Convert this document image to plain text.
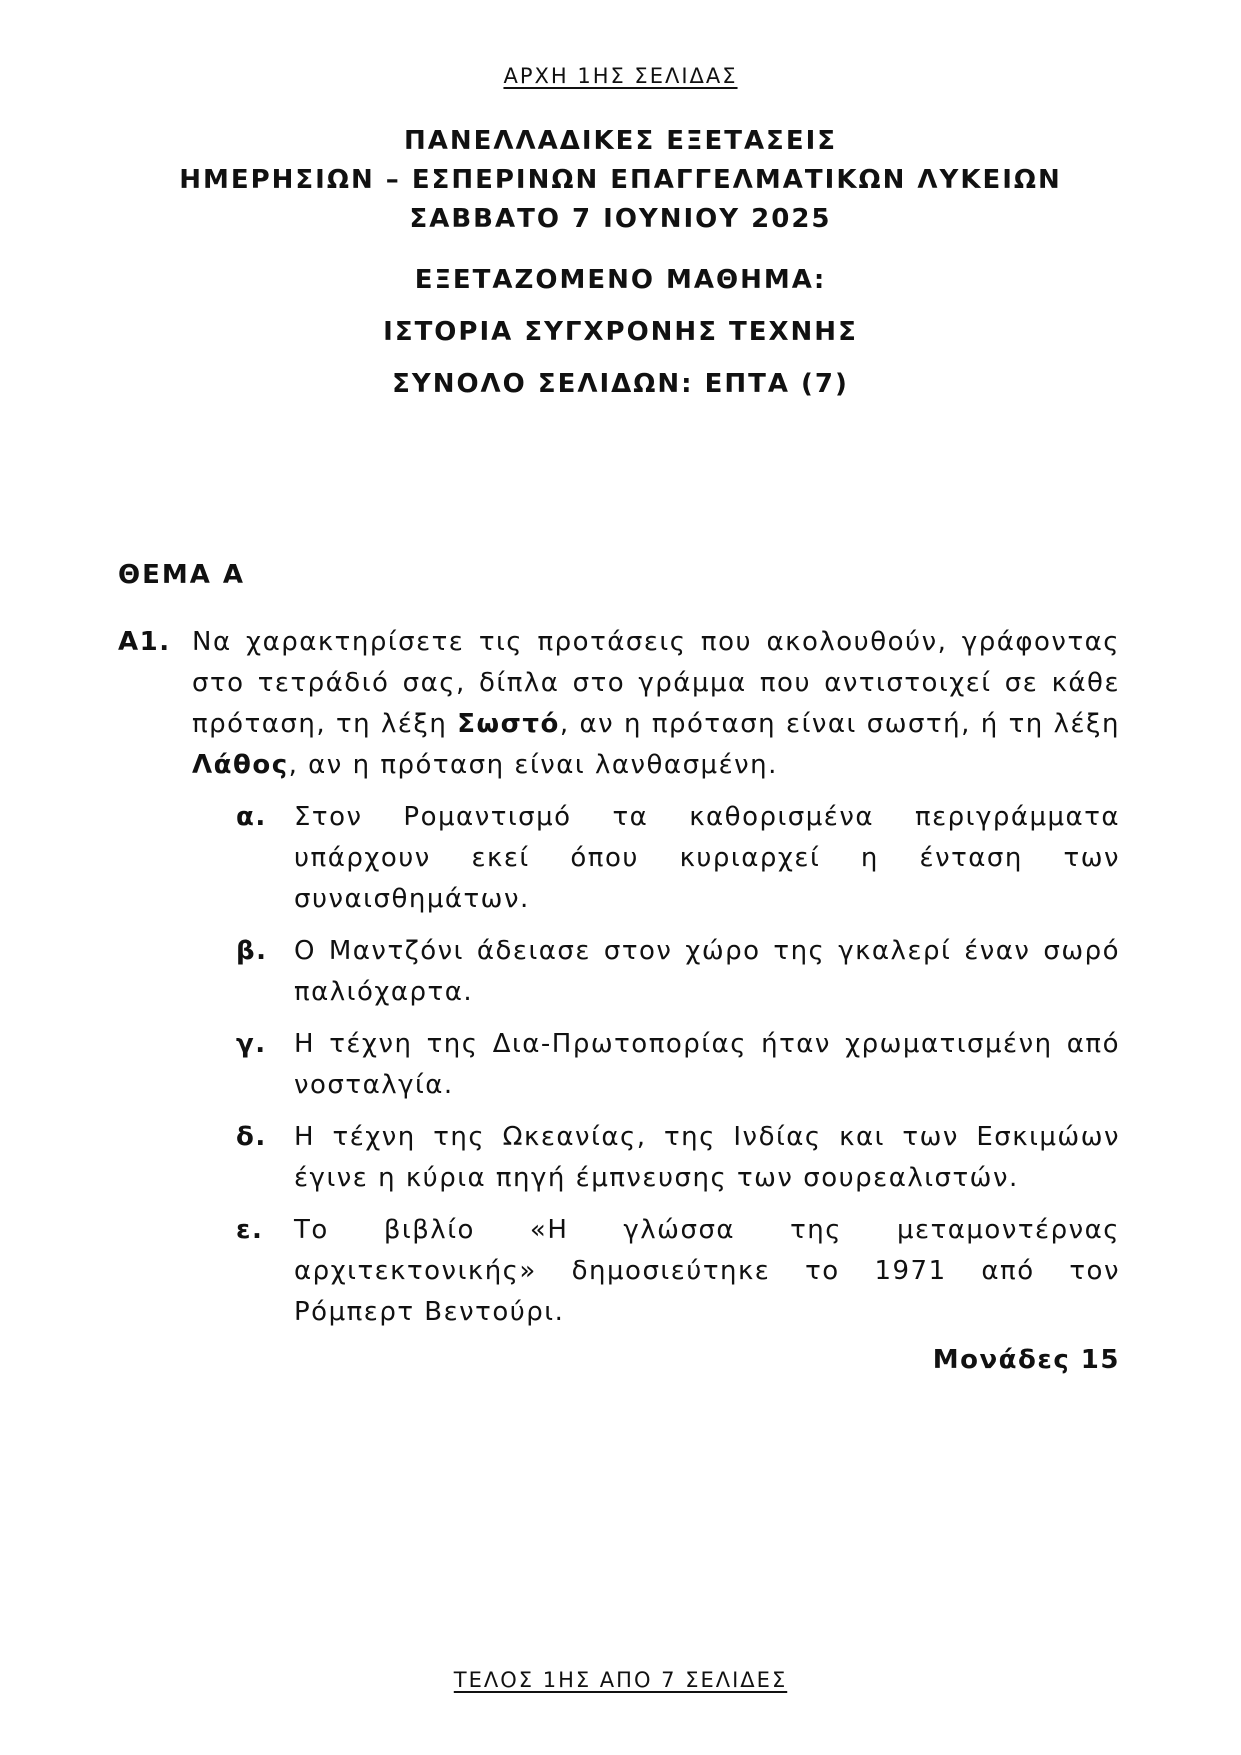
ΑΡΧΗ 1ΗΣ ΣΕΛΙΔΑΣ
ΠΑΝΕΛΛΑΔΙΚΕΣ ΕΞΕΤΑΣΕΙΣ
ΗΜΕΡΗΣΙΩΝ – ΕΣΠΕΡΙΝΩΝ ΕΠΑΓΓΕΛΜΑΤΙΚΩΝ ΛΥΚΕΙΩΝ
ΣΑΒΒΑΤΟ 7 ΙΟΥΝΙΟΥ 2025
ΕΞΕΤΑΖΟΜΕΝΟ ΜΑΘΗΜΑ:
ΙΣΤΟΡΙΑ ΣΥΓΧΡΟΝΗΣ ΤΕΧΝΗΣ
ΣΥΝΟΛΟ ΣΕΛΙΔΩΝ: ΕΠΤΑ (7)
ΘΕΜΑ Α
Α1. Να χαρακτηρίσετε τις προτάσεις που ακολουθούν, γράφοντας στο τετράδιό σας, δίπλα στο γράμμα που αντιστοιχεί σε κάθε πρόταση, τη λέξη Σωστό, αν η πρόταση είναι σωστή, ή τη λέξη Λάθος, αν η πρόταση είναι λανθασμένη.
α.	Στον Ρομαντισμό τα καθορισμένα περιγράμματα υπάρχουν εκεί όπου κυριαρχεί η ένταση των συναισθημάτων.
β.	Ο Μαντζόνι άδειασε στον χώρο της γκαλερί έναν σωρό παλιόχαρτα.
γ.	Η τέχνη της Δια-Πρωτοπορίας ήταν χρωματισμένη από νοσταλγία.
δ.	Η τέχνη της Ωκεανίας, της Ινδίας και των Εσκιμώων έγινε η κύρια πηγή έμπνευσης των σουρεαλιστών.
ε.	Το βιβλίο «Η γλώσσα της μεταμοντέρνας αρχιτεκτονικής» δημοσιεύτηκε το 1971 από τον Ρόμπερτ Βεντούρι.
Μονάδες 15
ΤΕΛΟΣ 1ΗΣ ΑΠΟ 7 ΣΕΛΙΔΕΣ
